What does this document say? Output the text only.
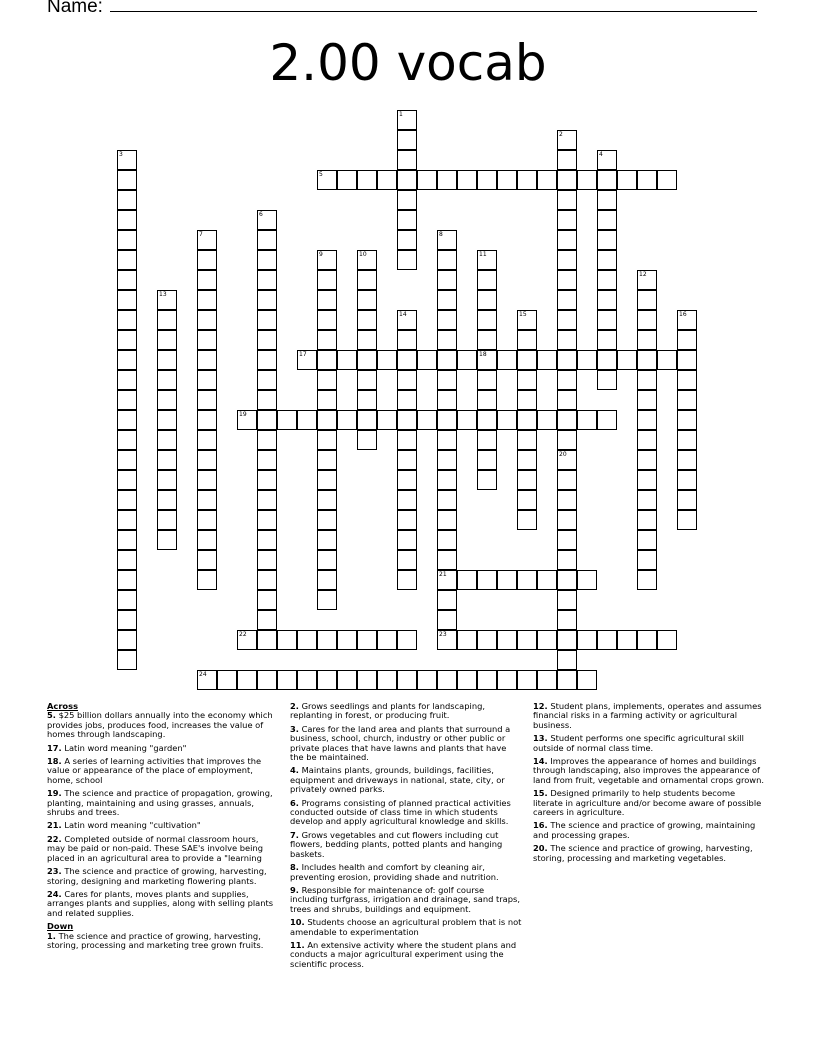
Name:
2.00 vocab
5
17	18
19
21
22	23
24
1
2
20
3	4
6
7	8
9	10	11
12
13
14	15	16
Across
5. $25 billion dollars annually into the economy which provides jobs, produces food, increases the value of homes through landscaping.
17. Latin word meaning "garden"
18. A series of learning activities that improves the value or appearance of the place of employment, home, school
19. The science and practice of propagation, growing, planting, maintaining and using grasses, annuals, shrubs and trees.
21. Latin word meaning "cultivation"
22. Completed outside of normal classroom hours, may be paid or non-paid. These SAE's involve being placed in an agricultural area to provide a "learning
23. The science and practice of growing, harvesting, storing, designing and marketing flowering plants.
24. Cares for plants, moves plants and supplies, arranges plants and supplies, along with selling plants and related supplies.
Down
1. The science and practice of growing, harvesting, storing, processing and marketing tree grown fruits.
2. Grows seedlings and plants for landscaping, replanting in forest, or producing fruit.
3. Cares for the land area and plants that surround a business, school, church, industry or other public or private places that have lawns and plants that have the be maintained.
4. Maintains plants, grounds, buildings, facilities, equipment and driveways in national, state, city, or privately owned parks.
6. Programs consisting of planned practical activities conducted outside of class time in which students develop and apply agricultural knowledge and skills.
7. Grows vegetables and cut flowers including cut flowers, bedding plants, potted plants and hanging baskets.
8. Includes health and comfort by cleaning air, preventing erosion, providing shade and nutrition.
9. Responsible for maintenance of: golf course including turfgrass, irrigation and drainage, sand traps, trees and shrubs, buildings and equipment.
10. Students choose an agricultural problem that is not amendable to experimentation
11. An extensive activity where the student plans and conducts a major agricultural experiment using the scientific process.
12. Student plans, implements, operates and assumes financial risks in a farming activity or agricultural business.
13. Student performs one specific agricultural skill outside of normal class time.
14. Improves the appearance of homes and buildings through landscaping, also improves the appearance of land from fruit, vegetable and ornamental crops grown.
15. Designed primarily to help students become literate in agriculture and/or become aware of possible careers in agriculture.
16. The science and practice of growing, maintaining and processing grapes.
20. The science and practice of growing, harvesting, storing, processing and marketing vegetables.
